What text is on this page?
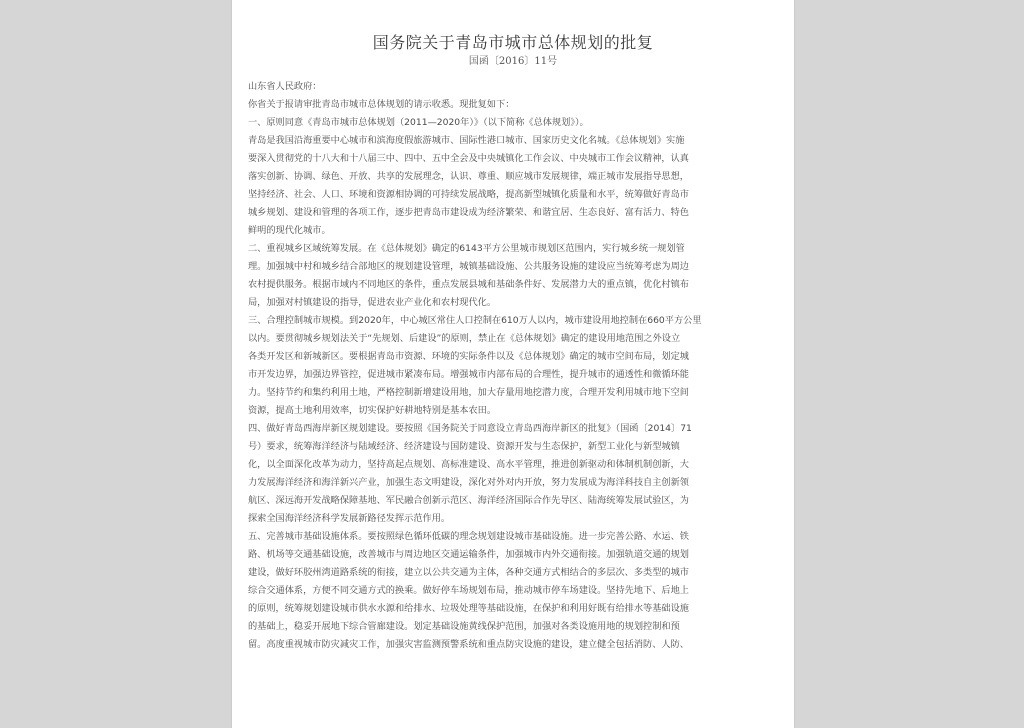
国务院关于青岛市城市总体规划的批复
国函〔2016〕11号
山东省人民政府：
你省关于报请审批青岛市城市总体规划的请示收悉。现批复如下：
一、原则同意《青岛市城市总体规划（2011—2020年）》（以下简称《总体规划》）。
青岛是我国沿海重要中心城市和滨海度假旅游城市、国际性港口城市、国家历史文化名城。《总体规划》实施
要深入贯彻党的十八大和十八届三中、四中、五中全会及中央城镇化工作会议、中央城市工作会议精神，认真
落实创新、协调、绿色、开放、共享的发展理念，认识、尊重、顺应城市发展规律，端正城市发展指导思想，
坚持经济、社会、人口、环境和资源相协调的可持续发展战略，提高新型城镇化质量和水平，统筹做好青岛市
城乡规划、建设和管理的各项工作，逐步把青岛市建设成为经济繁荣、和谐宜居、生态良好、富有活力、特色
鲜明的现代化城市。
二、重视城乡区域统筹发展。在《总体规划》确定的6143平方公里城市规划区范围内，实行城乡统一规划管
理。加强城中村和城乡结合部地区的规划建设管理，城镇基础设施、公共服务设施的建设应当统筹考虑为周边
农村提供服务。根据市域内不同地区的条件，重点发展县城和基础条件好、发展潜力大的重点镇，优化村镇布
局，加强对村镇建设的指导，促进农业产业化和农村现代化。
三、合理控制城市规模。到2020年，中心城区常住人口控制在610万人以内，城市建设用地控制在660平方公里
以内。要贯彻城乡规划法关于“先规划、后建设”的原则，禁止在《总体规划》确定的建设用地范围之外设立
各类开发区和新城新区。要根据青岛市资源、环境的实际条件以及《总体规划》确定的城市空间布局，划定城
市开发边界，加强边界管控，促进城市紧凑布局。增强城市内部布局的合理性，提升城市的通透性和微循环能
力。坚持节约和集约利用土地，严格控制新增建设用地，加大存量用地挖潜力度，合理开发利用城市地下空间
资源，提高土地利用效率，切实保护好耕地特别是基本农田。
四、做好青岛西海岸新区规划建设。要按照《国务院关于同意设立青岛西海岸新区的批复》（国函〔2014〕71
号）要求，统筹海洋经济与陆域经济、经济建设与国防建设、资源开发与生态保护，新型工业化与新型城镇
化，以全面深化改革为动力，坚持高起点规划、高标准建设、高水平管理，推进创新驱动和体制机制创新，大
力发展海洋经济和海洋新兴产业，加强生态文明建设，深化对外对内开放，努力发展成为海洋科技自主创新领
航区、深远海开发战略保障基地、军民融合创新示范区、海洋经济国际合作先导区、陆海统筹发展试验区，为
探索全国海洋经济科学发展新路径发挥示范作用。
五、完善城市基础设施体系。要按照绿色循环低碳的理念规划建设城市基础设施。进一步完善公路、水运、铁
路、机场等交通基础设施，改善城市与周边地区交通运输条件，加强城市内外交通衔接。加强轨道交通的规划
建设，做好环胶州湾道路系统的衔接，建立以公共交通为主体，各种交通方式相结合的多层次、多类型的城市
综合交通体系，方便不同交通方式的换乘。做好停车场规划布局，推动城市停车场建设。坚持先地下、后地上
的原则，统筹规划建设城市供水水源和给排水、垃圾处理等基础设施，在保护和利用好既有给排水等基础设施
的基础上，稳妥开展地下综合管廊建设。划定基础设施黄线保护范围，加强对各类设施用地的规划控制和预
留。高度重视城市防灾减灾工作，加强灾害监测预警系统和重点防灾设施的建设，建立健全包括消防、人防、
